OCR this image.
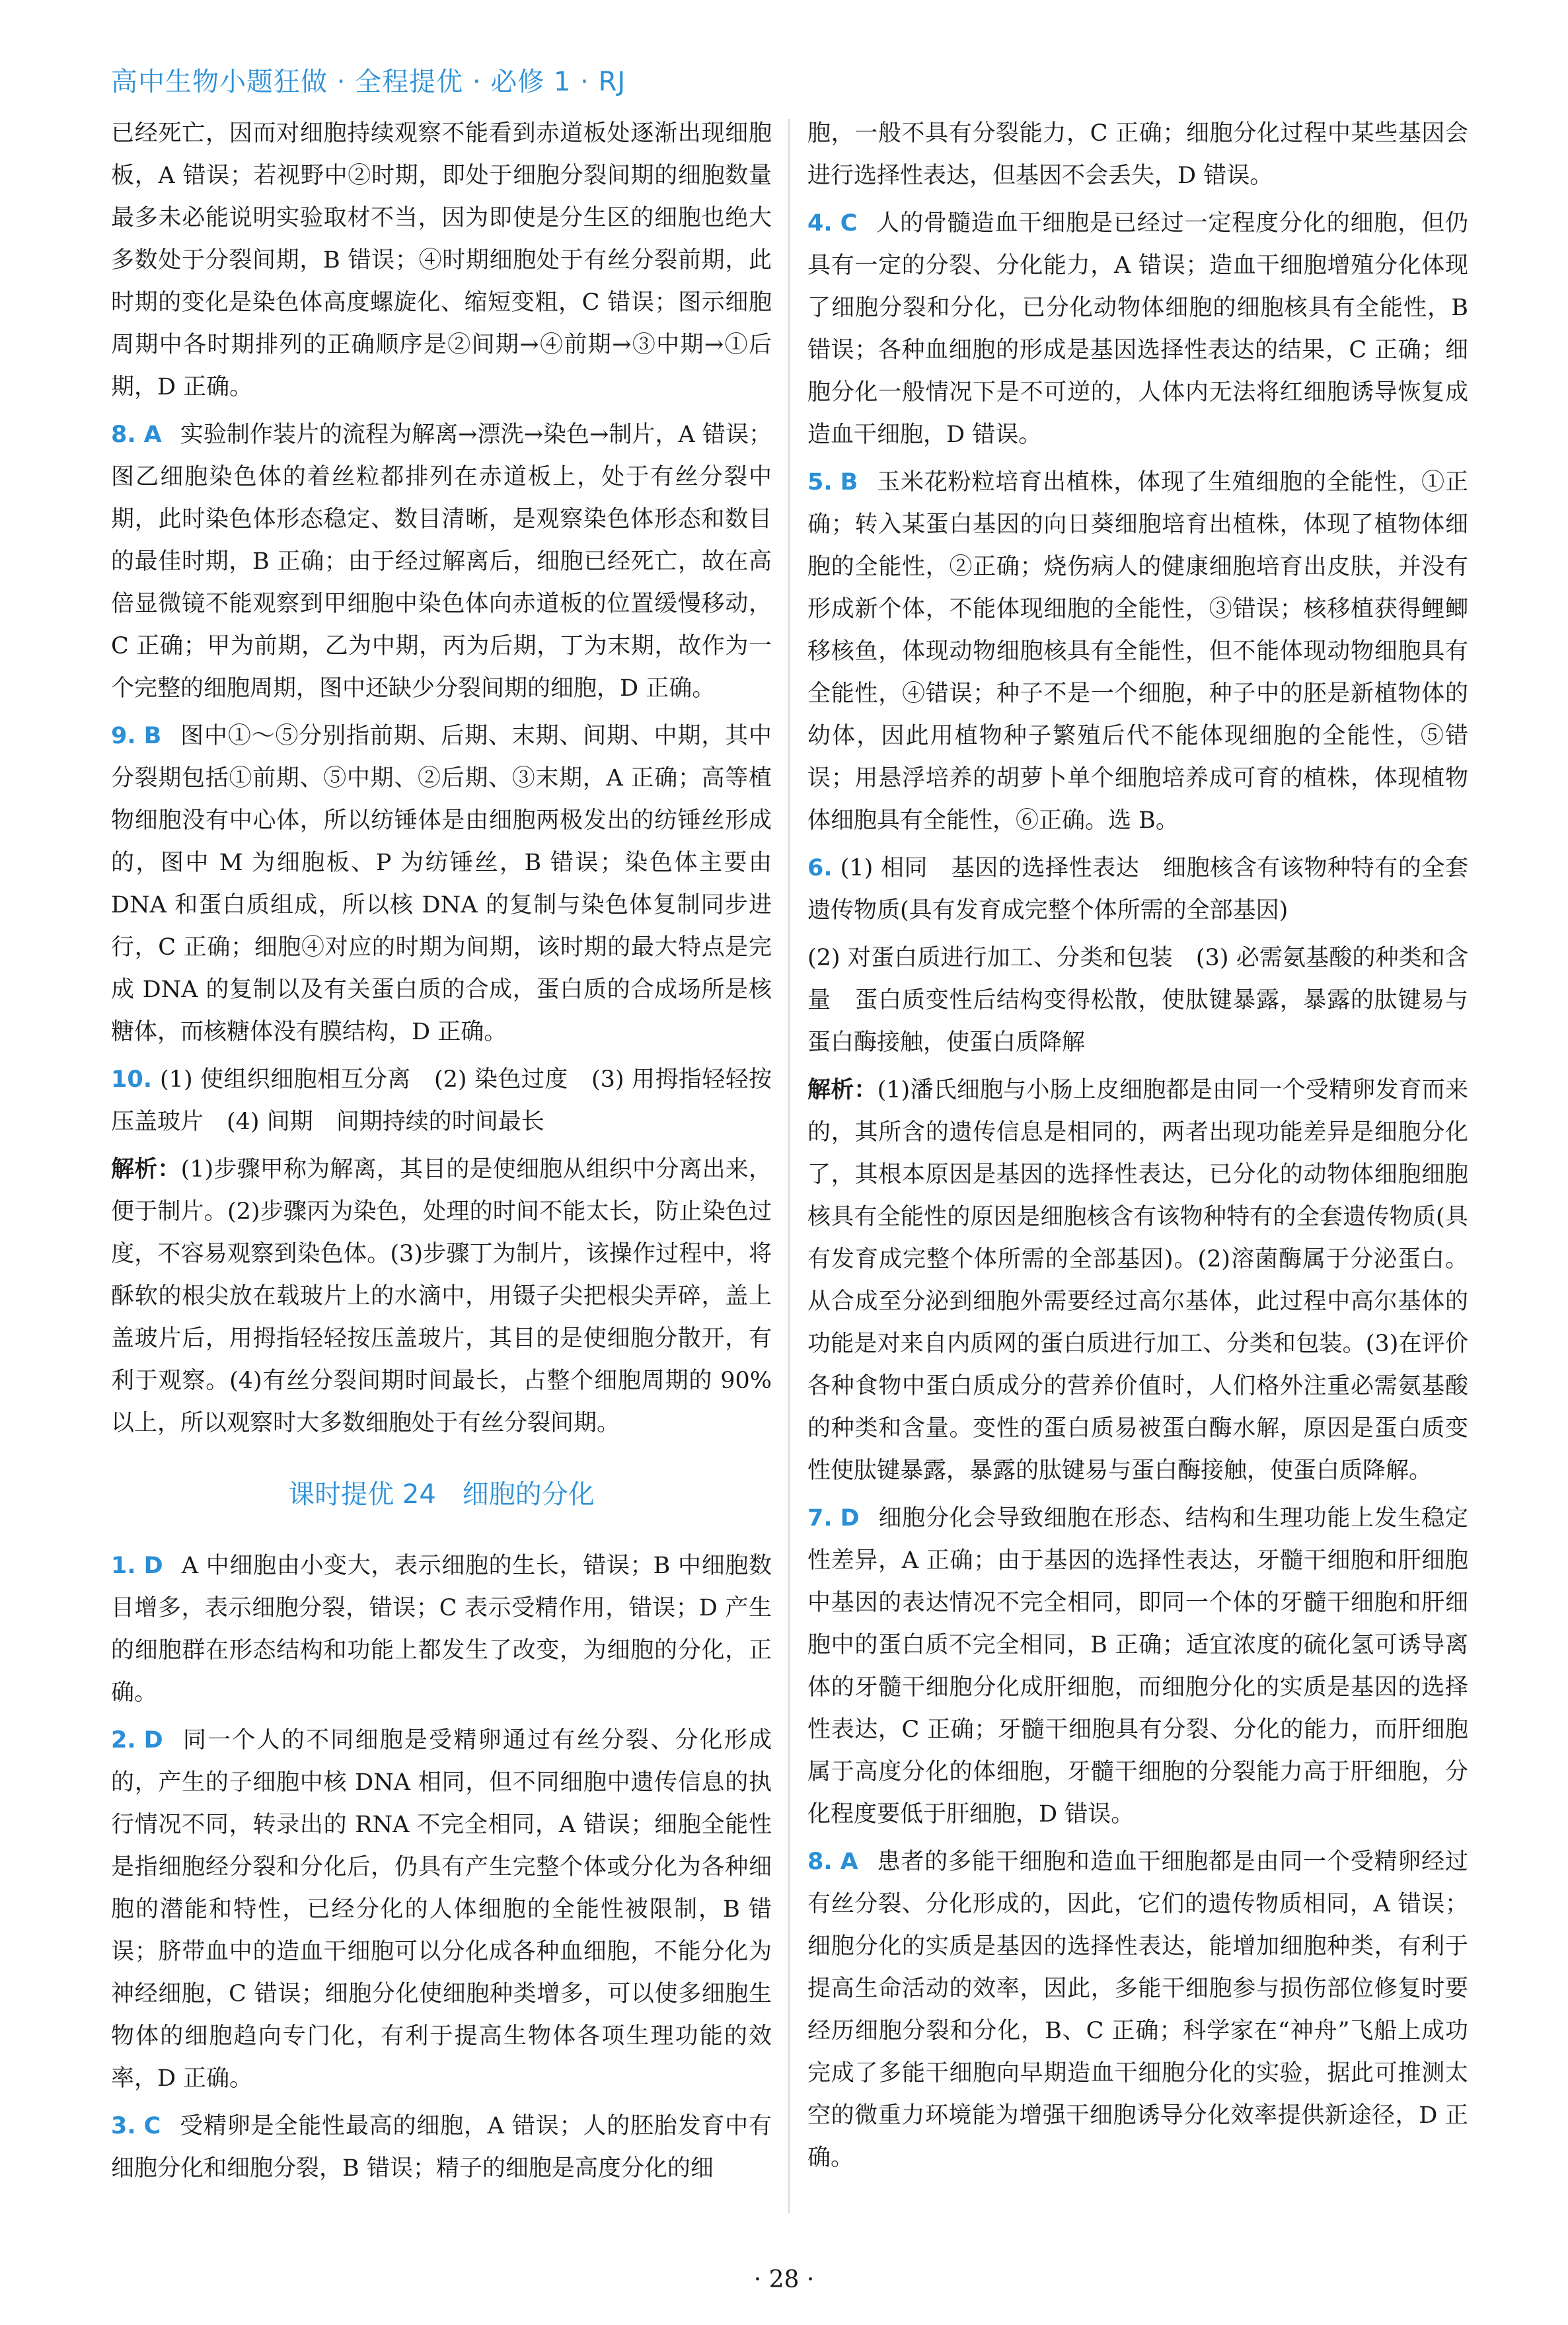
高中生物小题狂做 · 全程提优 · 必修 1 · RJ

已经死亡，因而对细胞持续观察不能看到赤道板处逐渐出现细胞板，A 错误；若视野中②时期，即处于细胞分裂间期的细胞数量最多未必能说明实验取材不当，因为即使是分生区的细胞也绝大多数处于分裂间期，B 错误；④时期细胞处于有丝分裂前期，此时期的变化是染色体高度螺旋化、缩短变粗，C 错误；图示细胞周期中各时期排列的正确顺序是②间期→④前期→③中期→①后期，D 正确。

8. A 实验制作装片的流程为解离→漂洗→染色→制片，A 错误；图乙细胞染色体的着丝粒都排列在赤道板上，处于有丝分裂中期，此时染色体形态稳定、数目清晰，是观察染色体形态和数目的最佳时期，B 正确；由于经过解离后，细胞已经死亡，故在高倍显微镜不能观察到甲细胞中染色体向赤道板的位置缓慢移动，C 正确；甲为前期，乙为中期，丙为后期，丁为末期，故作为一个完整的细胞周期，图中还缺少分裂间期的细胞，D 正确。

9. B 图中①～⑤分别指前期、后期、末期、间期、中期，其中分裂期包括①前期、⑤中期、②后期、③末期，A 正确；高等植物细胞没有中心体，所以纺锤体是由细胞两极发出的纺锤丝形成的，图中 M 为细胞板、P 为纺锤丝，B 错误；染色体主要由 DNA 和蛋白质组成，所以核 DNA 的复制与染色体复制同步进行，C 正确；细胞④对应的时期为间期，该时期的最大特点是完成 DNA 的复制以及有关蛋白质的合成，蛋白质的合成场所是核糖体，而核糖体没有膜结构，D 正确。

10. (1) 使组织细胞相互分离　(2) 染色过度　(3) 用拇指轻轻按压盖玻片　(4) 间期　间期持续的时间最长

解析：(1)步骤甲称为解离，其目的是使细胞从组织中分离出来，便于制片。(2)步骤丙为染色，处理的时间不能太长，防止染色过度，不容易观察到染色体。(3)步骤丁为制片，该操作过程中，将酥软的根尖放在载玻片上的水滴中，用镊子尖把根尖弄碎，盖上盖玻片后，用拇指轻轻按压盖玻片，其目的是使细胞分散开，有利于观察。(4)有丝分裂间期时间最长，占整个细胞周期的 90%以上，所以观察时大多数细胞处于有丝分裂间期。

课时提优 24　细胞的分化

1. D A 中细胞由小变大，表示细胞的生长，错误；B 中细胞数目增多，表示细胞分裂，错误；C 表示受精作用，错误；D 产生的细胞群在形态结构和功能上都发生了改变，为细胞的分化，正确。

2. D 同一个人的不同细胞是受精卵通过有丝分裂、分化形成的，产生的子细胞中核 DNA 相同，但不同细胞中遗传信息的执行情况不同，转录出的 RNA 不完全相同，A 错误；细胞全能性是指细胞经分裂和分化后，仍具有产生完整个体或分化为各种细胞的潜能和特性，已经分化的人体细胞的全能性被限制，B 错误；脐带血中的造血干细胞可以分化成各种血细胞，不能分化为神经细胞，C 错误；细胞分化使细胞种类增多，可以使多细胞生物体的细胞趋向专门化，有利于提高生物体各项生理功能的效率，D 正确。

3. C 受精卵是全能性最高的细胞，A 错误；人的胚胎发育中有细胞分化和细胞分裂，B 错误；精子的细胞是高度分化的细

胞，一般不具有分裂能力，C 正确；细胞分化过程中某些基因会进行选择性表达，但基因不会丢失，D 错误。

4. C 人的骨髓造血干细胞是已经过一定程度分化的细胞，但仍具有一定的分裂、分化能力，A 错误；造血干细胞增殖分化体现了细胞分裂和分化，已分化动物体细胞的细胞核具有全能性，B 错误；各种血细胞的形成是基因选择性表达的结果，C 正确；细胞分化一般情况下是不可逆的，人体内无法将红细胞诱导恢复成造血干细胞，D 错误。

5. B 玉米花粉粒培育出植株，体现了生殖细胞的全能性，①正确；转入某蛋白基因的向日葵细胞培育出植株，体现了植物体细胞的全能性，②正确；烧伤病人的健康细胞培育出皮肤，并没有形成新个体，不能体现细胞的全能性，③错误；核移植获得鲤鲫移核鱼，体现动物细胞核具有全能性，但不能体现动物细胞具有全能性，④错误；种子不是一个细胞，种子中的胚是新植物体的幼体，因此用植物种子繁殖后代不能体现细胞的全能性，⑤错误；用悬浮培养的胡萝卜单个细胞培养成可育的植株，体现植物体细胞具有全能性，⑥正确。选 B。

6. (1) 相同　基因的选择性表达　细胞核含有该物种特有的全套遗传物质(具有发育成完整个体所需的全部基因)

(2) 对蛋白质进行加工、分类和包装　(3) 必需氨基酸的种类和含量　蛋白质变性后结构变得松散，使肽键暴露，暴露的肽键易与蛋白酶接触，使蛋白质降解

解析：(1)潘氏细胞与小肠上皮细胞都是由同一个受精卵发育而来的，其所含的遗传信息是相同的，两者出现功能差异是细胞分化了，其根本原因是基因的选择性表达，已分化的动物体细胞细胞核具有全能性的原因是细胞核含有该物种特有的全套遗传物质(具有发育成完整个体所需的全部基因)。(2)溶菌酶属于分泌蛋白。从合成至分泌到细胞外需要经过高尔基体，此过程中高尔基体的功能是对来自内质网的蛋白质进行加工、分类和包装。(3)在评价各种食物中蛋白质成分的营养价值时，人们格外注重必需氨基酸的种类和含量。变性的蛋白质易被蛋白酶水解，原因是蛋白质变性使肽键暴露，暴露的肽键易与蛋白酶接触，使蛋白质降解。

7. D 细胞分化会导致细胞在形态、结构和生理功能上发生稳定性差异，A 正确；由于基因的选择性表达，牙髓干细胞和肝细胞中基因的表达情况不完全相同，即同一个体的牙髓干细胞和肝细胞中的蛋白质不完全相同，B 正确；适宜浓度的硫化氢可诱导离体的牙髓干细胞分化成肝细胞，而细胞分化的实质是基因的选择性表达，C 正确；牙髓干细胞具有分裂、分化的能力，而肝细胞属于高度分化的体细胞，牙髓干细胞的分裂能力高于肝细胞，分化程度要低于肝细胞，D 错误。

8. A 患者的多能干细胞和造血干细胞都是由同一个受精卵经过有丝分裂、分化形成的，因此，它们的遗传物质相同，A 错误；细胞分化的实质是基因的选择性表达，能增加细胞种类，有利于提高生命活动的效率，因此，多能干细胞参与损伤部位修复时要经历细胞分裂和分化，B、C 正确；科学家在“神舟”飞船上成功完成了多能干细胞向早期造血干细胞分化的实验，据此可推测太空的微重力环境能为增强干细胞诱导分化效率提供新途径，D 正确。

· 28 ·
